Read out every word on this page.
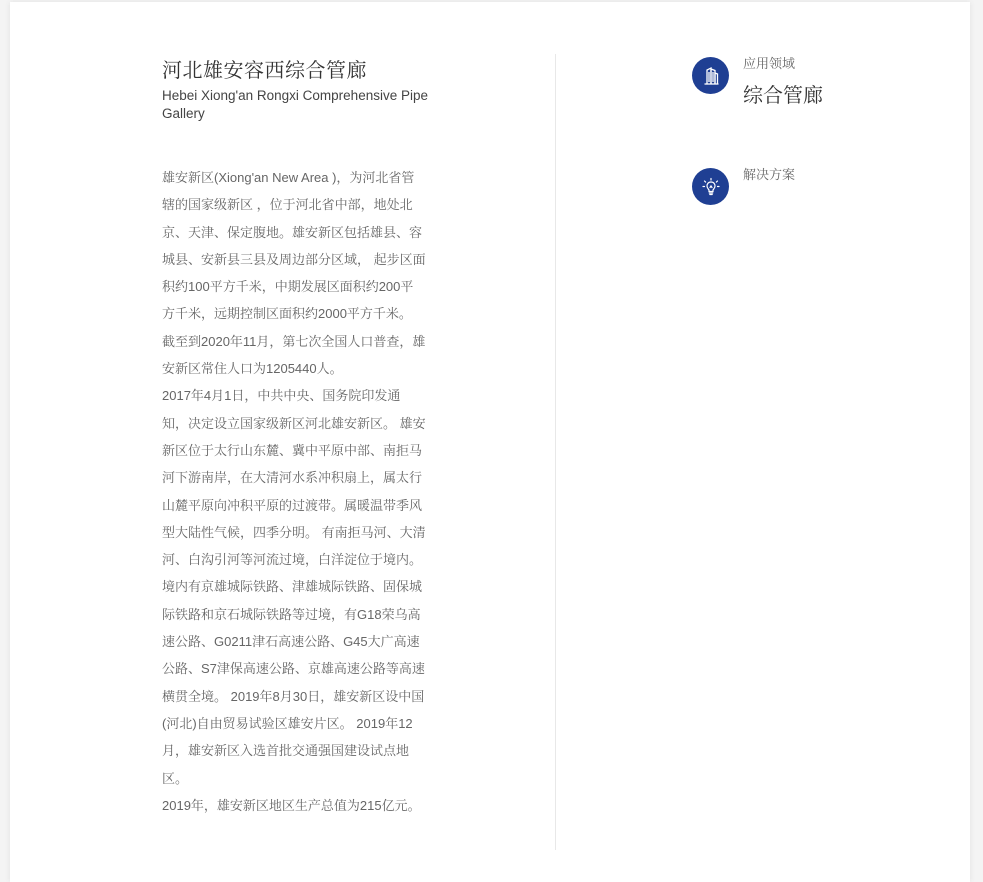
河北雄安容西综合管廊
Hebei Xiong'an Rongxi Comprehensive Pipe Gallery

雄安新区(Xiong'an New Area )，为河北省管辖的国家级新区 ，位于河北省中部，地处北京、天津、保定腹地。雄安新区包括雄县、容城县、安新县三县及周边部分区域， 起步区面积约100平方千米，中期发展区面积约200平方千米，远期控制区面积约2000平方千米。 截至到2020年11月，第七次全国人口普查，雄安新区常住人口为1205440人。

2017年4月1日，中共中央、国务院印发通知，决定设立国家级新区河北雄安新区。 雄安新区位于太行山东麓、冀中平原中部、南拒马河下游南岸，在大清河水系冲积扇上，属太行山麓平原向冲积平原的过渡带。属暖温带季风型大陆性气候，四季分明。 有南拒马河、大清河、白沟引河等河流过境，白洋淀位于境内。境内有京雄城际铁路、津雄城际铁路、固保城际铁路和京石城际铁路等过境，有G18荣乌高速公路、G0211津石高速公路、G45大广高速公路、S7津保高速公路、京雄高速公路等高速横贯全境。 2019年8月30日，雄安新区设中国(河北)自由贸易试验区雄安片区。 2019年12月，雄安新区入选首批交通强国建设试点地区。

2019年，雄安新区地区生产总值为215亿元。

应用领域
综合管廊
解决方案
